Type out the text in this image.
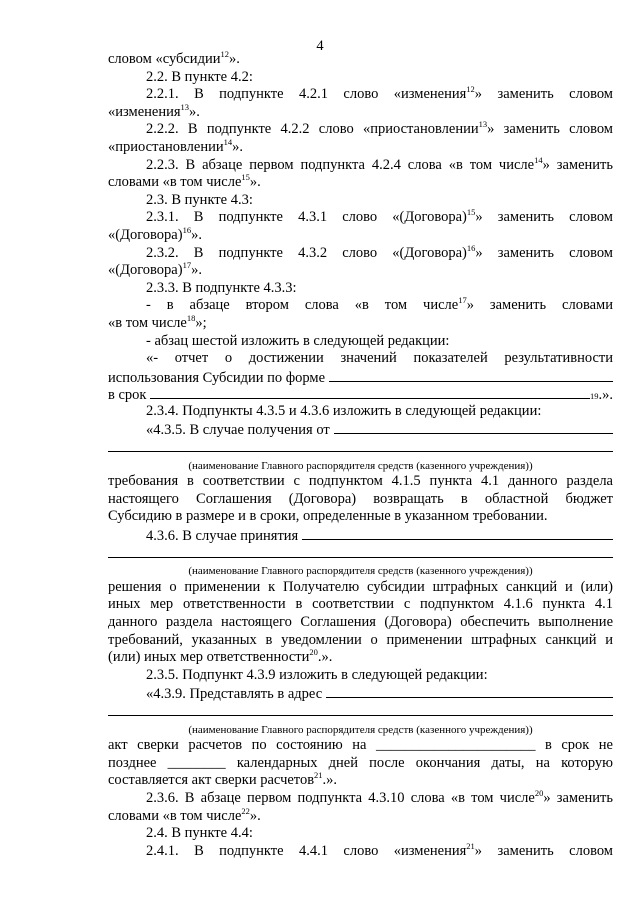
4
словом «субсидии$^{12}$».
2.2. В пункте 4.2:
2.2.1. В подпункте 4.2.1 слово «изменения$^{12}$» заменить словом
«изменения$^{13}$».
2.2.2. В подпункте 4.2.2 слово «приостановлении$^{13}$» заменить словом
«приостановлении$^{14}$».
2.2.3. В абзаце первом подпункта 4.2.4 слова «в том числе$^{14}$» заменить
словами «в том числе$^{15}$».
2.3. В пункте 4.3:
2.3.1. В подпункте 4.3.1 слово «(Договора)$^{15}$» заменить словом
«(Договора)$^{16}$».
2.3.2. В подпункте 4.3.2 слово «(Договора)$^{16}$» заменить словом
«(Договора)$^{17}$».
2.3.3. В подпункте 4.3.3:
- в абзаце втором слова «в том числе$^{17}$» заменить словами
«в том числе$^{18}$»;
- абзац шестой изложить в следующей редакции:
«- отчет о достижении значений показателей результативности
использования Субсидии по форме
в срок	19 .».
2.3.4. Подпункты 4.3.5 и 4.3.6 изложить в следующей редакции:
«4.3.5. В случае получения от
(наименование Главного распорядителя средств (казенного учреждения))
требования в соответствии с подпунктом 4.1.5 пункта 4.1 данного раздела
настоящего Соглашения (Договора) возвращать в областной бюджет
Субсидию в размере и в сроки, определенные в указанном требовании.
4.3.6. В случае принятия
(наименование Главного распорядителя средств (казенного учреждения))
решения о применении к Получателю субсидии штрафных санкций и (или)
иных мер ответственности в соответствии с подпунктом 4.1.6 пункта 4.1
данного раздела настоящего Соглашения (Договора) обеспечить выполнение
требований, указанных в уведомлении о применении штрафных санкций и
(или) иных мер ответственности$^{20}$.».
2.3.5. Подпункт 4.3.9 изложить в следующей редакции:
«4.3.9. Представлять в адрес
(наименование Главного распорядителя средств (казенного учреждения))
акт сверки расчетов по состоянию на ______________________ в срок не
позднее ________ календарных дней после окончания даты, на которую
составляется акт сверки расчетов$^{21}$.».
2.3.6. В абзаце первом подпункта 4.3.10 слова «в том числе$^{20}$» заменить
словами «в том числе$^{22}$».
2.4. В пункте 4.4:
2.4.1. В подпункте 4.4.1 слово «изменения$^{21}$» заменить словом
